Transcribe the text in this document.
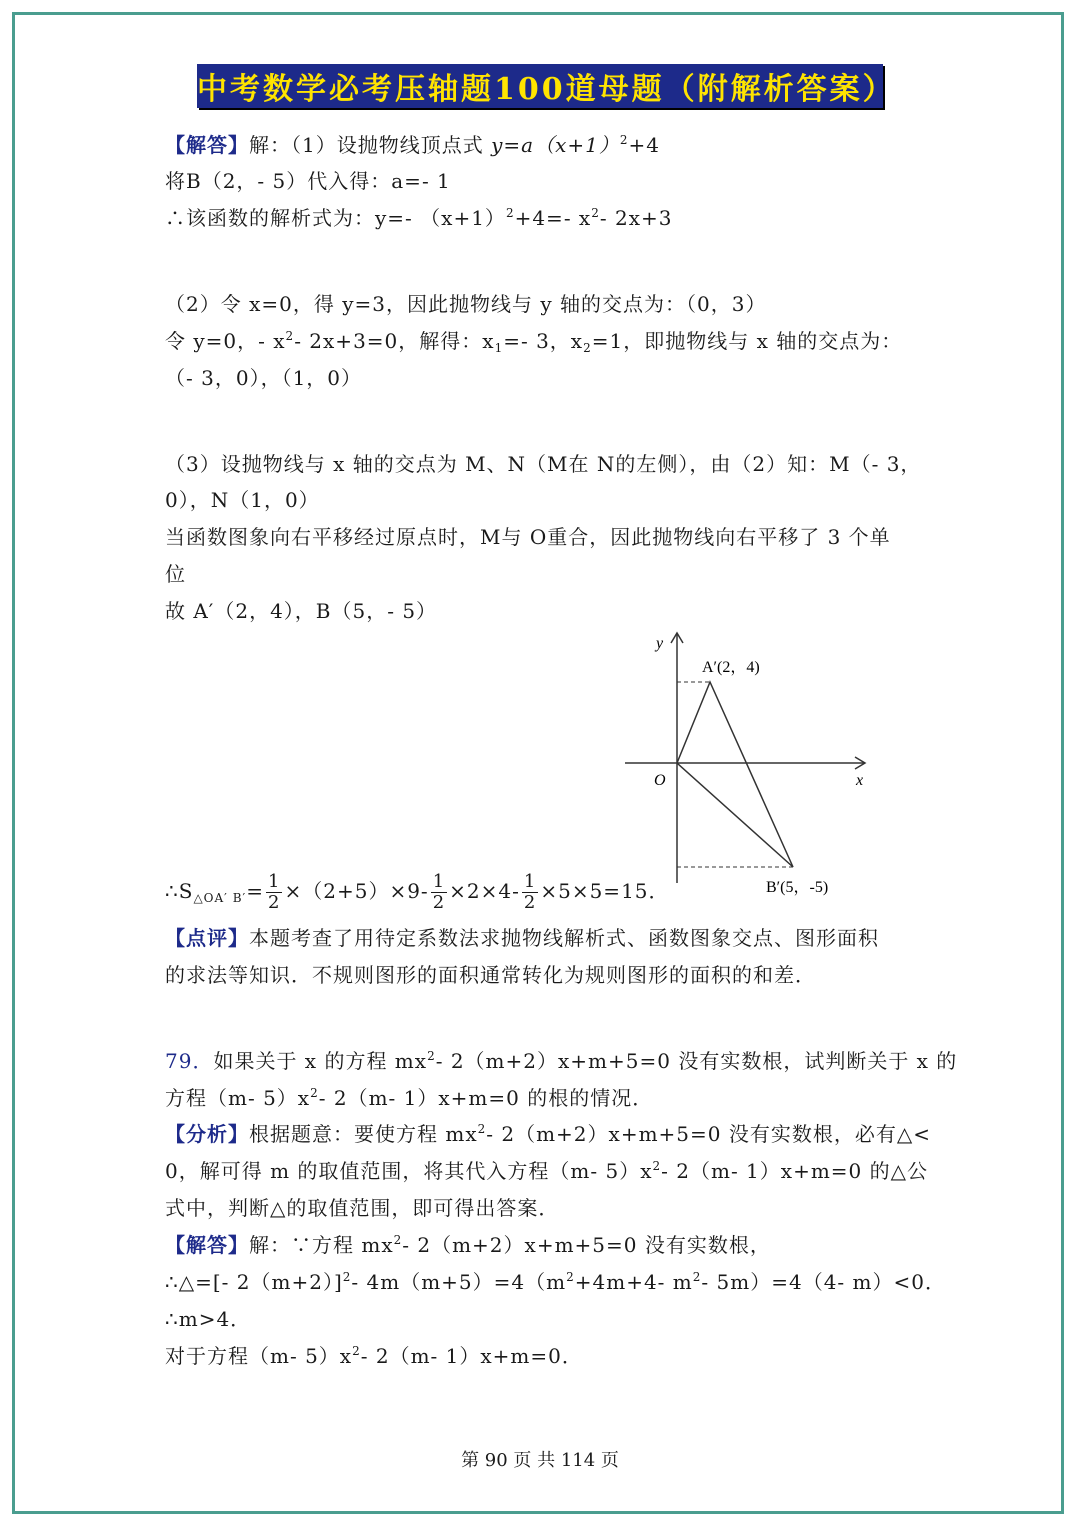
中考数学必考压轴题100道母题（附解析答案）
【解答】解：（1）设抛物线顶点式 $y=a(x+1)^2+4$
将B（2，- 5）代入得：a=- 1
∴该函数的解析式为：y=- $(x+1)^2+4=-$ $x^2-$ 2x+3
（2）令 x=0，得 y=3，因此抛物线与 y 轴的交点为：（0，3）
令 y=0，- $x^2-$ 2x+3=0，解得：$x_1=-$ 3，$x_2=1$，即抛物线与 x 轴的交点为：
（- 3，0），（1，0）
（3）设抛物线与 x 轴的交点为 M、N（M在 N的左侧），由（2）知：M（- 3，
0），N（1，0）
当函数图象向右平移经过原点时，M与 O重合，因此抛物线向右平移了 3 个单
位
故 A′（2，4），B（5，- 5）
y
x
O
A′(2，4)
B′(5，-5)
$\therefore S_{\triangle OA' B'}= \frac{1}{2} \times(2+5)\times 9- \frac{1}{2} \times 2\times 4- \frac{1}{2} \times 5\times 5=15$．
【点评】本题考查了用待定系数法求抛物线解析式、函数图象交点、图形面积
的求法等知识．不规则图形的面积通常转化为规则图形的面积的和差．
79．如果关于 x 的方程 $mx^2-$ 2（m+2）x+m+5=0 没有实数根，试判断关于 x 的
方程（m- $5)x^2-$ 2（m- 1）x+m=0 的根的情况．
【分析】根据题意：要使方程 $mx^2-$ 2（m+2）x+m+5=0 没有实数根，必有△<
0，解可得 m 的取值范围，将其代入方程（m- $5)x^2-$ 2（m- 1）x+m=0 的△公
式中，判断△的取值范围，即可得出答案．
【解答】解：∵方程 $mx^2-$ 2（m+2）x+m+5=0 没有实数根，
∴△=[- 2（m+2）]$^2$- $4m(m+5)=4(m^2+4m+4-$ $m^2-$ 5m）=4（4- m）<0．
∴m>4．
对于方程（m- $5)x^2-$ 2（m- 1）x+m=0．
第 90 页 共 114 页
